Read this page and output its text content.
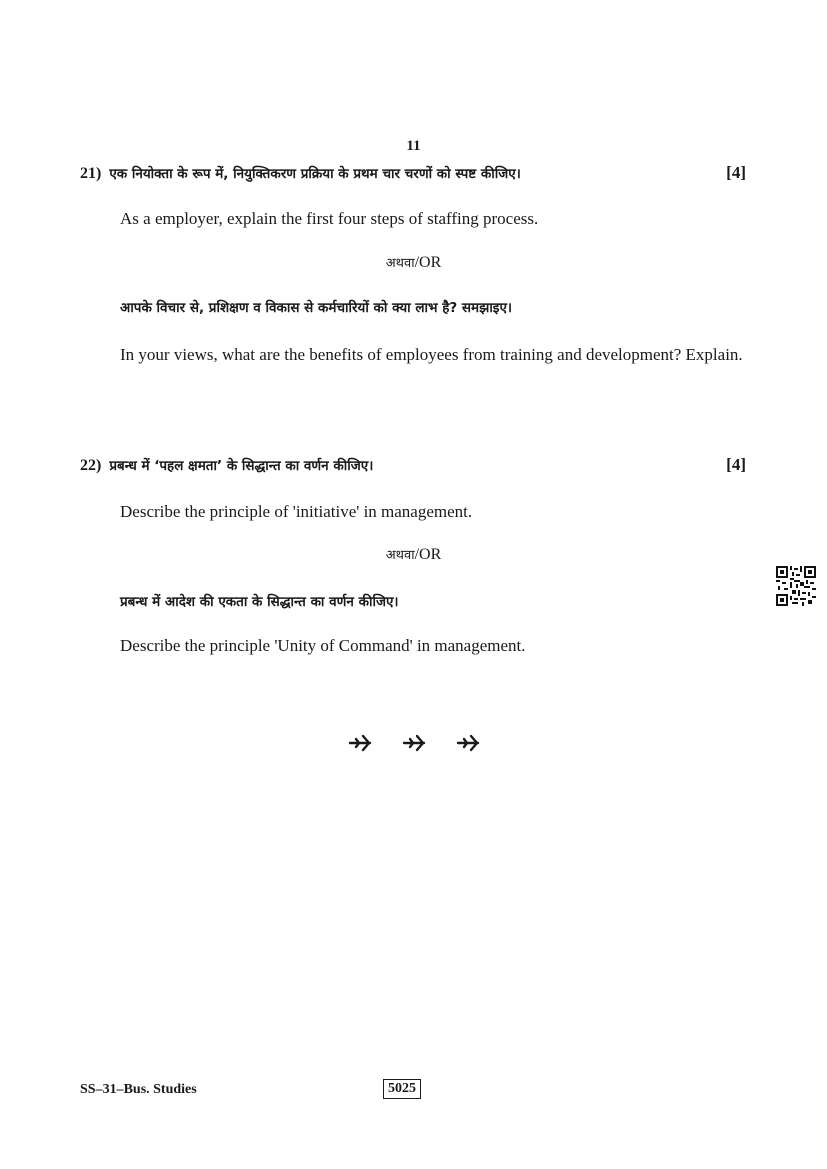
11
21) एक नियोक्ता के रूप में, नियुक्तिकरण प्रक्रिया के प्रथम चार चरणों को स्पष्ट कीजिए।	[4]
As a employer, explain the first four steps of staffing process.
अथवा/OR
आपके विचार से, प्रशिक्षण व विकास से कर्मचारियों को क्या लाभ है? समझाइए।
In your views, what are the benefits of employees from training and development? Explain.
22) प्रबन्ध में ‘पहल क्षमता’ के सिद्धान्त का वर्णन कीजिए।	[4]
Describe the principle of 'initiative' in management.
अथवा/OR
प्रबन्ध में आदेश की एकता के सिद्धान्त का वर्णन कीजिए।
Describe the principle 'Unity of Command' in management.
SS–31–Bus. Studies	5025
